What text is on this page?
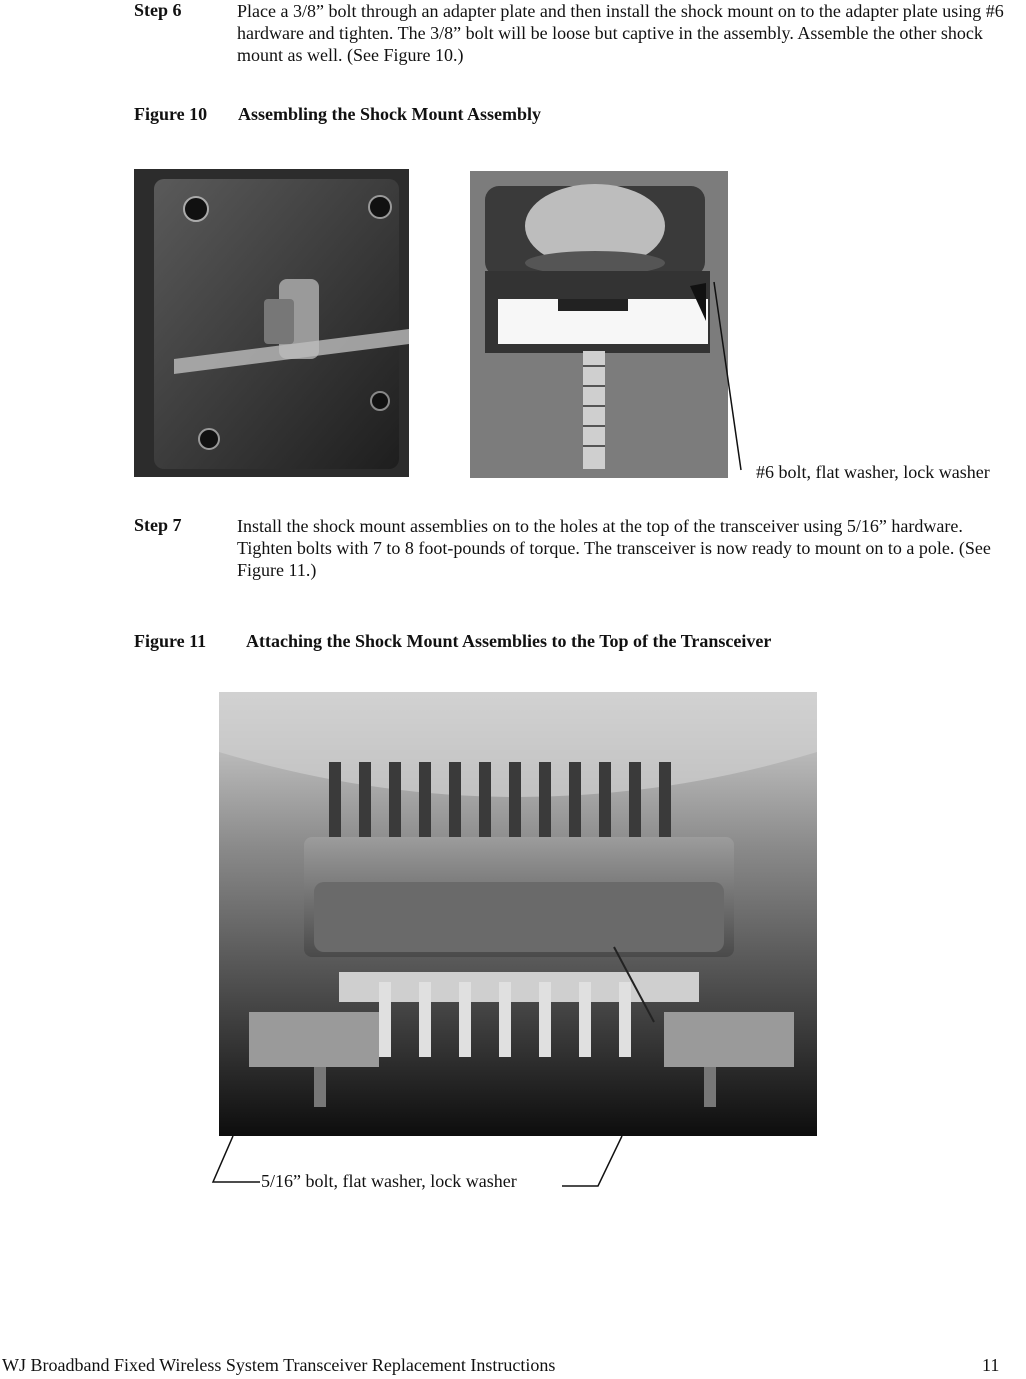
Step 6	Place a 3/8” bolt through an adapter plate and then install the shock mount on to the adapter plate using #6 hardware and tighten. The 3/8” bolt will be loose but captive in the assembly. Assemble the other shock mount as well. (See Figure 10.)
Figure 10 Assembling the Shock Mount Assembly
#6 bolt, flat washer, lock washer
Step 7	Install the shock mount assemblies on to the holes at the top of the transceiver using 5/16” hardware. Tighten bolts with 7 to 8 foot-pounds of torque. The transceiver is now ready to mount on to a pole. (See Figure 11.)
Figure 11 Attaching the Shock Mount Assemblies to the Top of the Transceiver
5/16” bolt, flat washer, lock washer
WJ Broadband Fixed Wireless System Transceiver Replacement Instructions	11
